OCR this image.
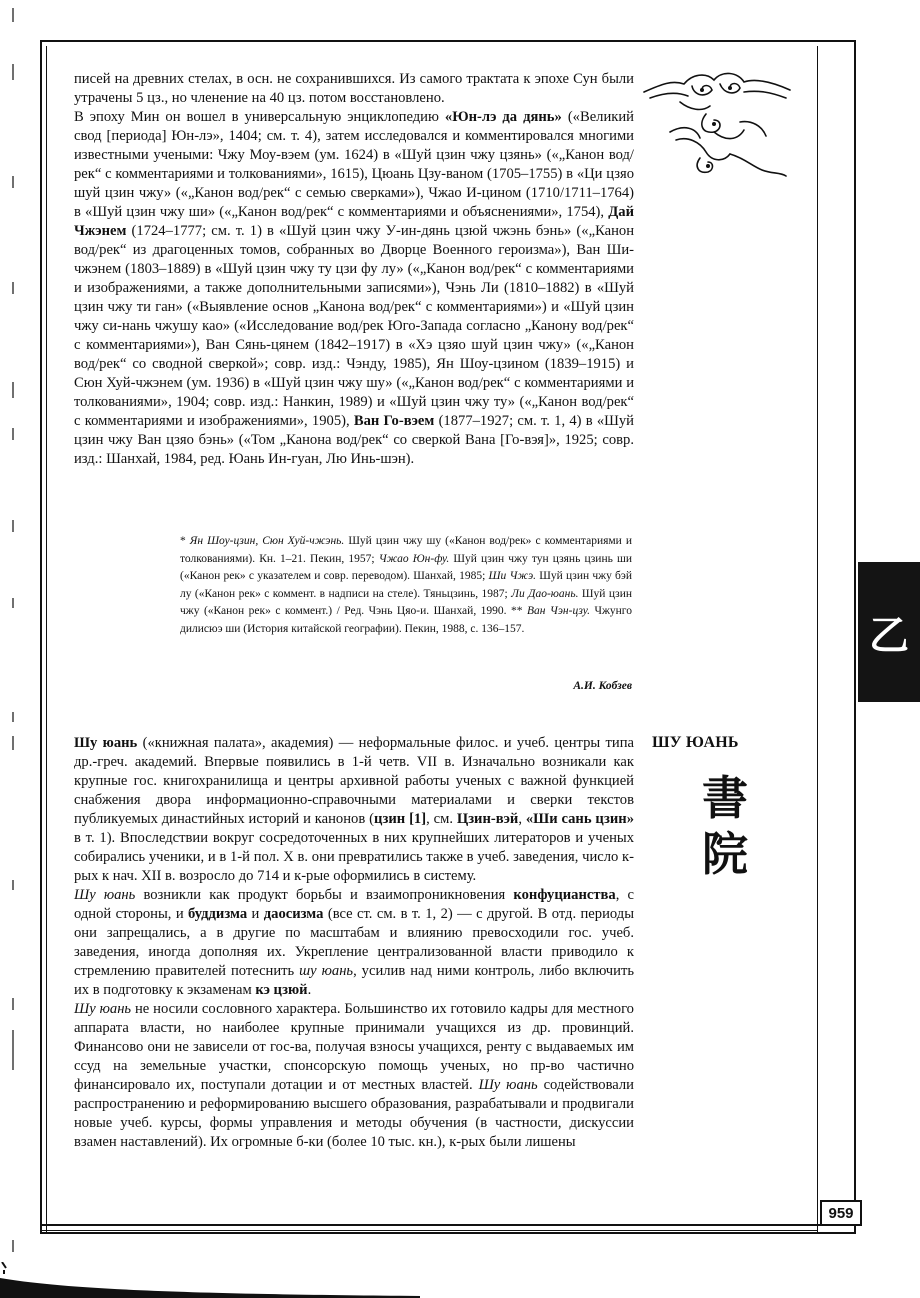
писей на древних стелах, в осн. не сохранившихся. Из самого трактата к эпохе Сун были утрачены 5 цз., но членение на 40 цз. потом восстановлено.

В эпоху Мин он вошел в универсальную энциклопедию «Юн-лэ да дянь» («Великий свод [периода] Юн-лэ», 1404; см. т. 4), затем исследовался и комментировался многими известными учеными: Чжу Моу-вэем (ум. 1624) в «Шуй цзин чжу цзянь» («„Канон вод/рек“ с комментариями и толкованиями», 1615), Цюань Цзу-ваном (1705–1755) в «Ци цзяо шуй цзин чжу» («„Канон вод/рек“ с семью сверками»), Чжао И-цином (1710/1711–1764) в «Шуй цзин чжу ши» («„Канон вод/рек“ с комментариями и объяснениями», 1754), Дай Чжэнем (1724–1777; см. т. 1) в «Шуй цзин чжу У-ин-дянь цзюй чжэнь бэнь» («„Канон вод/рек“ из драгоценных томов, собранных во Дворце Военного героизма»), Ван Ши-чжэнем (1803–1889) в «Шуй цзин чжу ту цзи фу лу» («„Канон вод/рек“ с комментариями и изображениями, а также дополнительными записями»), Чэнь Ли (1810–1882) в «Шуй цзин чжу ти ган» («Выявление основ „Канона вод/рек“ с комментариями») и «Шуй цзин чжу си-нань чжушу као» («Исследование вод/рек Юго-Запада согласно „Канону вод/рек“ с комментариями»), Ван Сянь-цянем (1842–1917) в «Хэ цзяо шуй цзин чжу» («„Канон вод/рек“ со сводной сверкой»; совр. изд.: Чэнду, 1985), Ян Шоу-цзином (1839–1915) и Сюн Хуй-чжэнем (ум. 1936) в «Шуй цзин чжу шу» («„Канон вод/рек“ с комментариями и толкованиями», 1904; совр. изд.: Нанкин, 1989) и «Шуй цзин чжу ту» («„Канон вод/рек“ с комментариями и изображениями», 1905), Ван Го-вэем (1877–1927; см. т. 1, 4) в «Шуй цзин чжу Ван цзяо бэнь» («Том „Канона вод/рек“ со сверкой Вана [Го-вэя]», 1925; совр. изд.: Шанхай, 1984, ред. Юань Ин-гуан, Лю Инь-шэн).

* Ян Шоу-цзин, Сюн Хуй-чжэнь. Шуй цзин чжу шу («Канон вод/рек» с комментариями и толкованиями). Кн. 1–21. Пекин, 1957; Чжао Юн-фу. Шуй цзин чжу тун цзянь цзинь ши («Канон рек» с указателем и совр. переводом). Шанхай, 1985; Ши Чжэ. Шуй цзин чжу бэй лу («Канон рек» с коммент. в надписи на стеле). Тяньцзинь, 1987; Ли Дао-юань. Шуй цзин чжу («Канон рек» с коммент.) / Ред. Чэнь Цяо-и. Шанхай, 1990. ** Ван Чэн-цзу. Чжунго дилисюэ ши (История китайской географии). Пекин, 1988, с. 136–157.
А.И. Кобзев
ШУ ЮАНЬ
書
院

Шу юань («книжная палата», академия) — неформальные филос. и учеб. центры типа др.-греч. академий. Впервые появились в 1-й четв. VII в. Изначально возникали как крупные гос. книгохранилища и центры архивной работы ученых с важной функцией снабжения двора информационно-справочными материалами и сверки текстов публикуемых династийных историй и канонов (цзин [1], см. Цзин-вэй, «Ши сань цзин» в т. 1). Впоследствии вокруг сосредоточенных в них крупнейших литераторов и ученых собирались ученики, и в 1-й пол. X в. они превратились также в учеб. заведения, число к-рых к нач. XII в. возросло до 714 и к-рые оформились в систему.

Шу юань возникли как продукт борьбы и взаимопроникновения конфуцианства, с одной стороны, и буддизма и даосизма (все ст. см. в т. 1, 2) — с другой. В отд. периоды они запрещались, а в другие по масштабам и влиянию превосходили гос. учеб. заведения, иногда дополняя их. Укрепление централизованной власти приводило к стремлению правителей потеснить шу юань, усилив над ними контроль, либо включить их в подготовку к экзаменам кэ цзюй.

Шу юань не носили сословного характера. Большинство их готовило кадры для местного аппарата власти, но наиболее крупные принимали учащихся из др. провинций. Финансово они не зависели от гос-ва, получая взносы учащихся, ренту с выдаваемых им ссуд на земельные участки, спонсорскую помощь ученых, но пр-во частично финансировало их, поступали дотации и от местных властей. Шу юань содействовали распространению и реформированию высшего образования, разрабатывали и продвигали новые учеб. курсы, формы управления и методы обучения (в частности, дискуссии взамен наставлений). Их огромные б-ки (более 10 тыс. кн.), к-рых были лишены

乙
959
